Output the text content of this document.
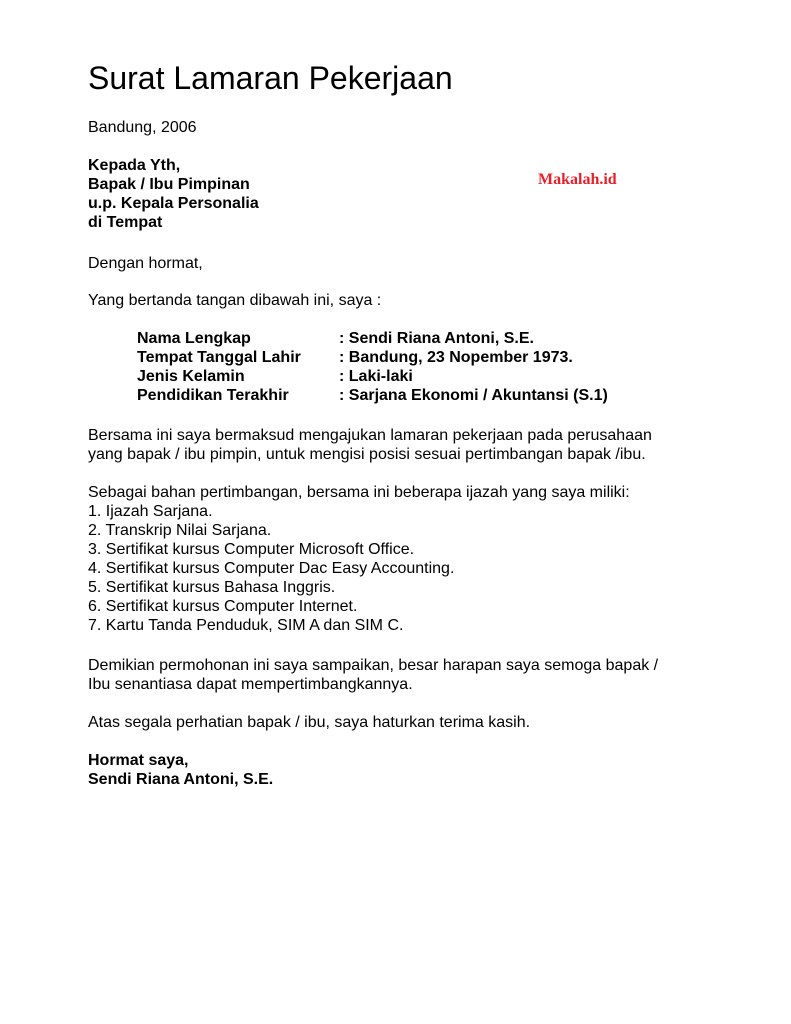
Surat Lamaran Pekerjaan
Makalah.id
Bandung, 2006
Kepada Yth,
Bapak / Ibu Pimpinan
u.p. Kepala Personalia
di Tempat
Dengan hormat,
Yang bertanda tangan dibawah ini, saya :
Nama Lengkap	: Sendi Riana Antoni, S.E.
Tempat Tanggal Lahir : Bandung, 23 Nopember 1973.
Jenis Kelamin	: Laki-laki
Pendidikan Terakhir	: Sarjana Ekonomi / Akuntansi (S.1)
Bersama ini saya bermaksud mengajukan lamaran pekerjaan pada perusahaan
yang bapak / ibu pimpin, untuk mengisi posisi sesuai pertimbangan bapak /ibu.
Sebagai bahan pertimbangan, bersama ini beberapa ijazah yang saya miliki:
1. Ijazah Sarjana.
2. Transkrip Nilai Sarjana.
3. Sertifikat kursus Computer Microsoft Office.
4. Sertifikat kursus Computer Dac Easy Accounting.
5. Sertifikat kursus Bahasa Inggris.
6. Sertifikat kursus Computer Internet.
7. Kartu Tanda Penduduk, SIM A dan SIM C.
Demikian permohonan ini saya sampaikan, besar harapan saya semoga bapak /
Ibu senantiasa dapat mempertimbangkannya.
Atas segala perhatian bapak / ibu, saya haturkan terima kasih.
Hormat saya,
Sendi Riana Antoni, S.E.
